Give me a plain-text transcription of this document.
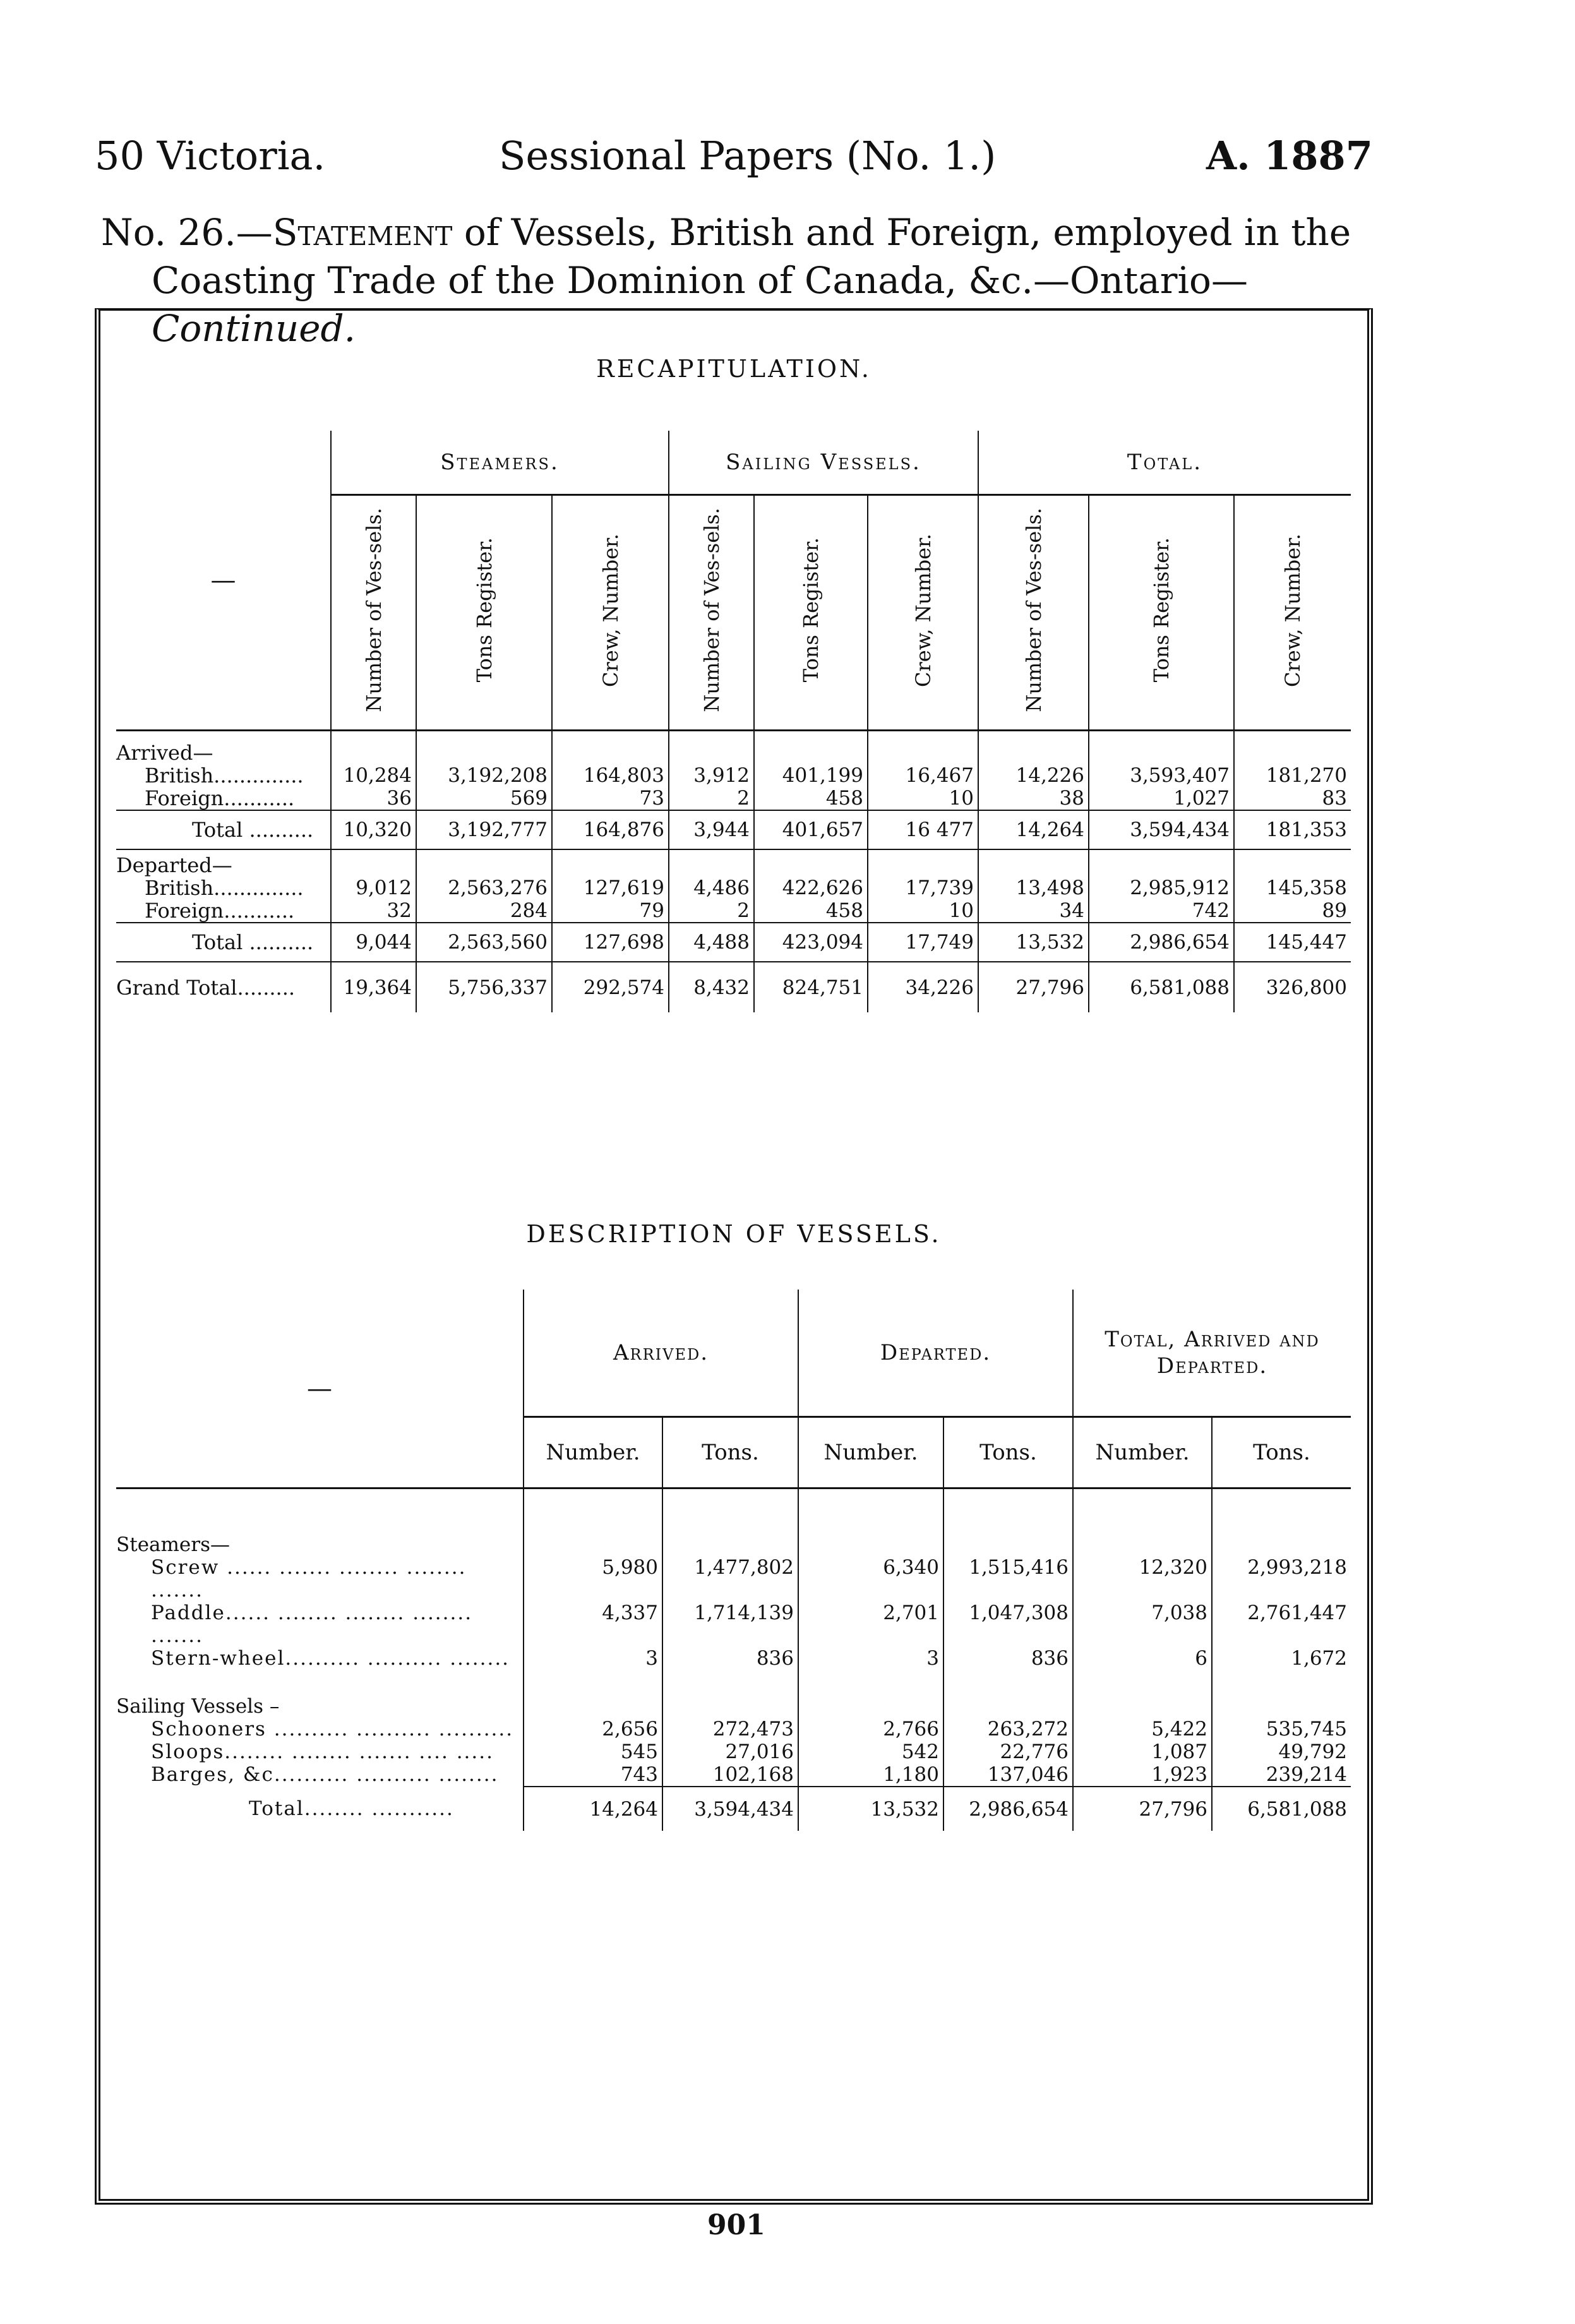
50 Victoria.	Sessional Papers (No. 1.)	A. 1887
No. 26.—Statement of Vessels, British and Foreign, employed in the
Coasting Trade of the Dominion of Canada, &c.—Ontario—Continued.
RECAPITULATION.
—	Steamers.			Sailing Vessels.			Total.		
	Number of Ves-sels.	Tons Register.	Crew, Number.	Number of Ves-sels.	Tons Register.	Crew, Number.	Number of Ves-sels.	Tons Register.	Crew, Number.
Arrived—									
British..............	10,284	3,192,208	164,803	3,912	401,199	16,467	14,226	3,593,407	181,270
Foreign...........	36	569	73	2	458	10	38	1,027	83
Total ..........	10,320	3,192,777	164,876	3,944	401,657	16 477	14,264	3,594,434	181,353
Departed—									
British..............	9,012	2,563,276	127,619	4,486	422,626	17,739	13,498	2,985,912	145,358
Foreign...........	32	284	79	2	458	10	34	742	89
Total ..........	9,044	2,563,560	127,698	4,488	423,094	17,749	13,532	2,986,654	145,447
Grand Total.........	19,364	5,756,337	292,574	8,432	824,751	34,226	27,796	6,581,088	326,800
DESCRIPTION OF VESSELS.
—	Arrived.		Departed.		Total, Arrived and Departed.	
	Number.	Tons.	Number.	Tons.	Number.	Tons.
Steamers—						
Screw ...... ....... ........ ........ .......	5,980	1,477,802	6,340	1,515,416	12,320	2,993,218
Paddle...... ........ ........ ........ .......	4,337	1,714,139	2,701	1,047,308	7,038	2,761,447
Stern-wheel.......... .......... ........	3	836	3	836	6	1,672
Sailing Vessels –						
Schooners .......... .......... ..........	2,656	272,473	2,766	263,272	5,422	535,745
Sloops........ ........ ....... .... .....	545	27,016	542	22,776	1,087	49,792
Barges, &c.......... .......... ........	743	102,168	1,180	137,046	1,923	239,214
Total........ ...........	14,264	3,594,434	13,532	2,986,654	27,796	6,581,088
901
